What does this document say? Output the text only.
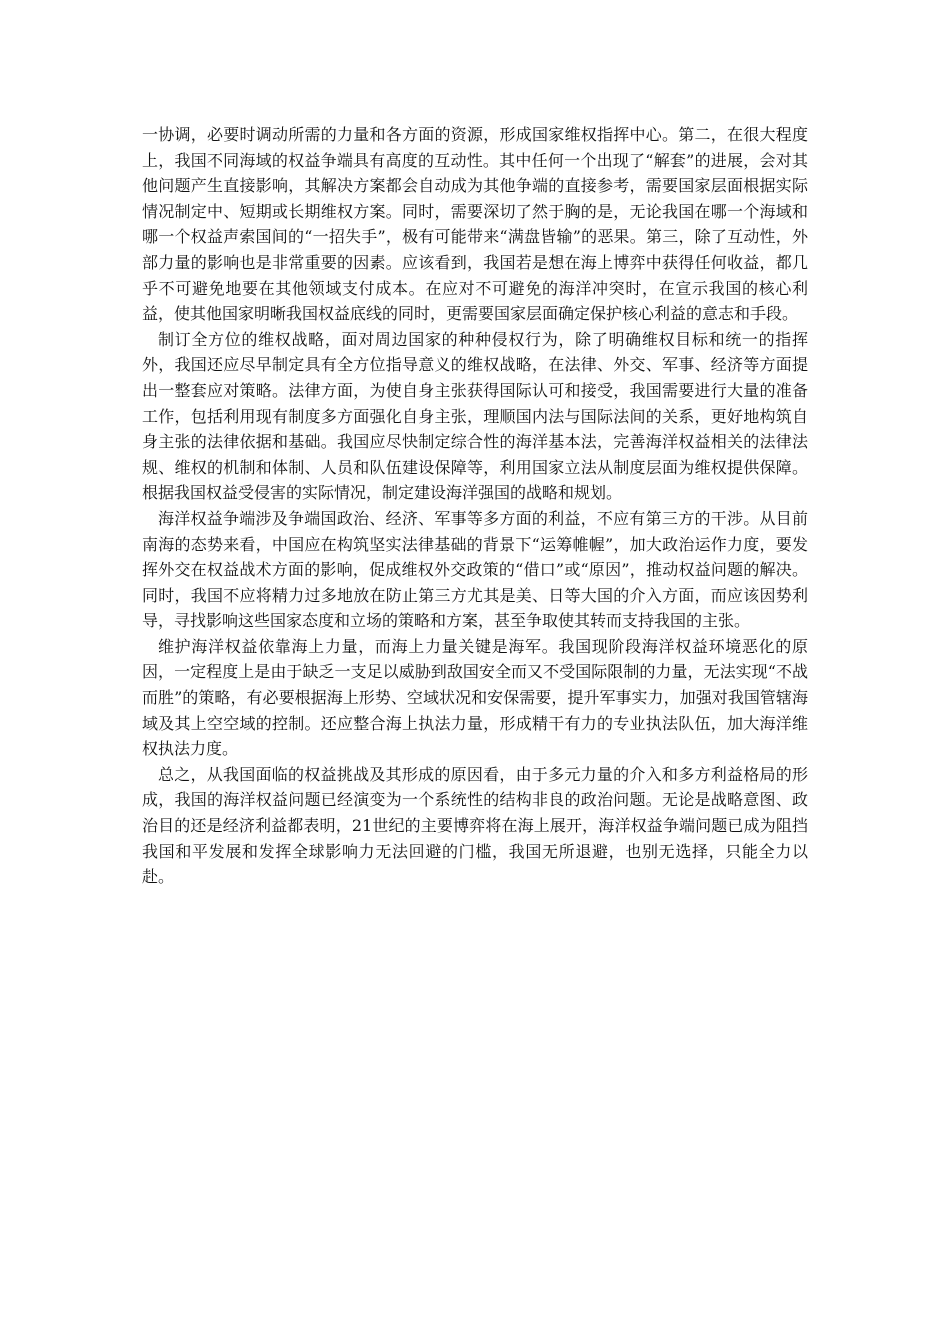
一协调，必要时调动所需的力量和各方面的资源，形成国家维权指挥中心。第二，在很大程度上，我国不同海域的权益争端具有高度的互动性。其中任何一个出现了“解套”的进展，会对其他问题产生直接影响，其解决方案都会自动成为其他争端的直接参考，需要国家层面根据实际情况制定中、短期或长期维权方案。同时，需要深切了然于胸的是，无论我国在哪一个海域和哪一个权益声索国间的“一招失手”，极有可能带来“满盘皆输”的恶果。第三，除了互动性，外部力量的影响也是非常重要的因素。应该看到，我国若是想在海上博弈中获得任何收益，都几乎不可避免地要在其他领域支付成本。在应对不可避免的海洋冲突时，在宣示我国的核心利益，使其他国家明晰我国权益底线的同时，更需要国家层面确定保护核心利益的意志和手段。

制订全方位的维权战略，面对周边国家的种种侵权行为，除了明确维权目标和统一的指挥外，我国还应尽早制定具有全方位指导意义的维权战略，在法律、外交、军事、经济等方面提出一整套应对策略。法律方面，为使自身主张获得国际认可和接受，我国需要进行大量的准备工作，包括利用现有制度多方面强化自身主张，理顺国内法与国际法间的关系，更好地构筑自身主张的法律依据和基础。我国应尽快制定综合性的海洋基本法，完善海洋权益相关的法律法规、维权的机制和体制、人员和队伍建设保障等，利用国家立法从制度层面为维权提供保障。根据我国权益受侵害的实际情况，制定建设海洋强国的战略和规划。

海洋权益争端涉及争端国政治、经济、军事等多方面的利益，不应有第三方的干涉。从目前南海的态势来看，中国应在构筑坚实法律基础的背景下“运筹帷幄”，加大政治运作力度，要发挥外交在权益战术方面的影响，促成维权外交政策的“借口”或“原因”，推动权益问题的解决。同时，我国不应将精力过多地放在防止第三方尤其是美、日等大国的介入方面，而应该因势利导，寻找影响这些国家态度和立场的策略和方案，甚至争取使其转而支持我国的主张。

维护海洋权益依靠海上力量，而海上力量关键是海军。我国现阶段海洋权益环境恶化的原因，一定程度上是由于缺乏一支足以威胁到敌国安全而又不受国际限制的力量，无法实现“不战而胜”的策略，有必要根据海上形势、空域状况和安保需要，提升军事实力，加强对我国管辖海域及其上空空域的控制。还应整合海上执法力量，形成精干有力的专业执法队伍，加大海洋维权执法力度。

总之，从我国面临的权益挑战及其形成的原因看，由于多元力量的介入和多方利益格局的形成，我国的海洋权益问题已经演变为一个系统性的结构非良的政治问题。无论是战略意图、政治目的还是经济利益都表明，21世纪的主要博弈将在海上展开，海洋权益争端问题已成为阻挡我国和平发展和发挥全球影响力无法回避的门槛，我国无所退避，也别无选择，只能全力以赴。
